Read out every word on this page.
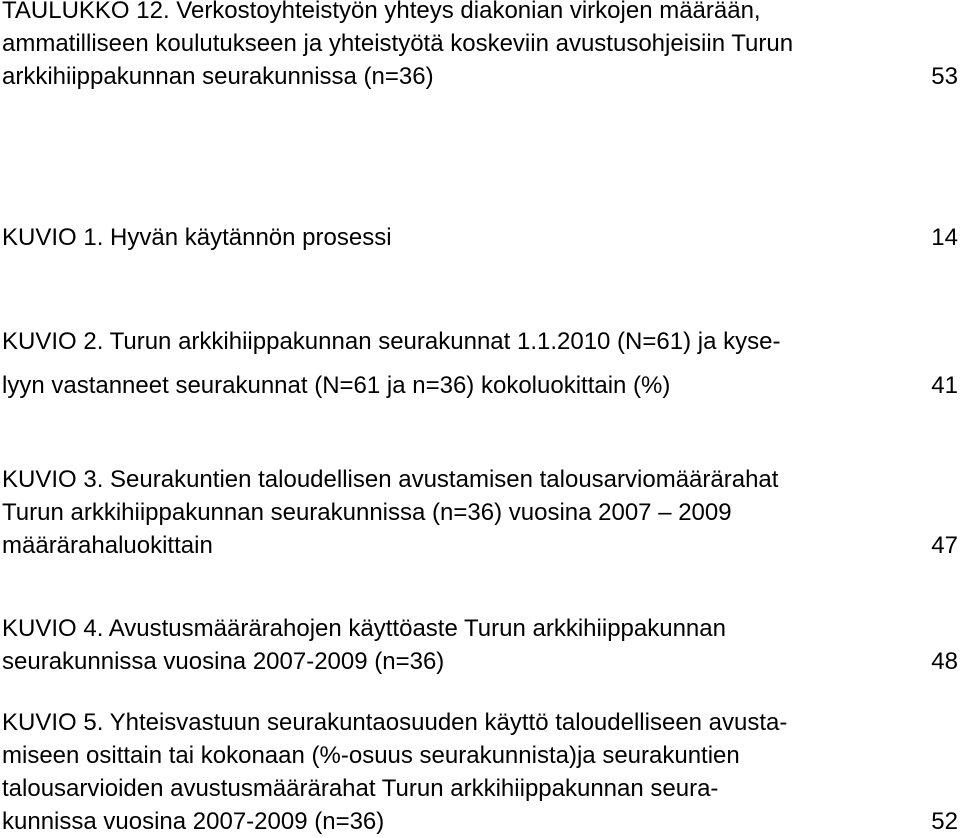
TAULUKKO 12. Verkostoyhteistyön yhteys diakonian virkojen määrään,
ammatilliseen koulutukseen ja yhteistyötä koskeviin avustusohjeisiin Turun
arkkihiippakunnan seurakunnissa (n=36)	53
KUVIO 1. Hyvän käytännön prosessi	14
KUVIO 2. Turun arkkihiippakunnan seurakunnat 1.1.2010 (N=61) ja kyse-
lyyn vastanneet seurakunnat (N=61 ja n=36) kokoluokittain (%)	41
KUVIO 3. Seurakuntien taloudellisen avustamisen talousarviomäärärahat
Turun arkkihiippakunnan seurakunnissa (n=36) vuosina 2007 – 2009
määrärahaluokittain	47
KUVIO 4. Avustusmäärärahojen käyttöaste Turun arkkihiippakunnan
seurakunnissa vuosina 2007-2009 (n=36)	48
KUVIO 5. Yhteisvastuun seurakuntaosuuden käyttö taloudelliseen avusta-
miseen osittain tai kokonaan (%-osuus seurakunnista)ja seurakuntien
talousarvioiden avustusmäärärahat Turun arkkihiippakunnan seura-
kunnissa vuosina 2007-2009 (n=36)	52
